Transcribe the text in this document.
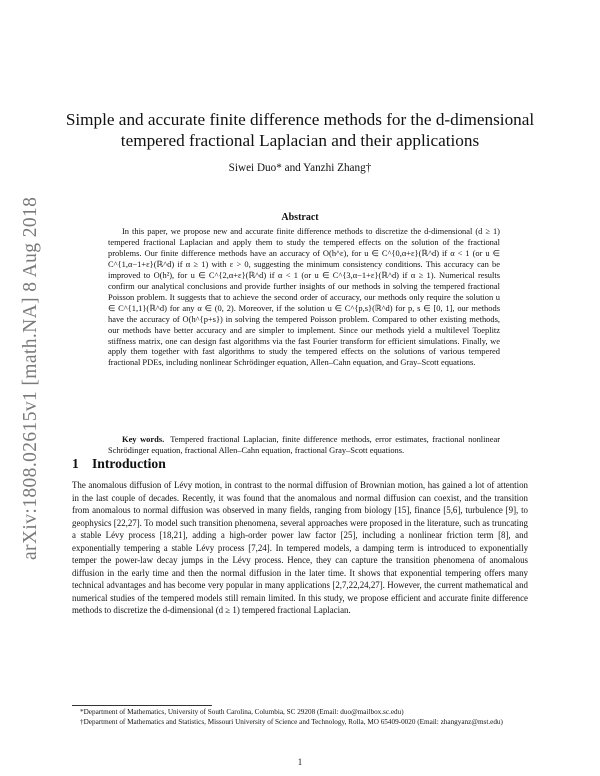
arXiv:1808.02615v1 [math.NA] 8 Aug 2018
Simple and accurate finite difference methods for the d-dimensional tempered fractional Laplacian and their applications
Siwei Duo* and Yanzhi Zhang†
Abstract

In this paper, we propose new and accurate finite difference methods to discretize the d-dimensional (d ≥ 1) tempered fractional Laplacian and apply them to study the tempered effects on the solution of the fractional problems. Our finite difference methods have an accuracy of O(h^ε), for u ∈ C^{0,α+ε}(ℝ^d) if α < 1 (or u ∈ C^{1,α−1+ε}(ℝ^d) if α ≥ 1) with ε > 0, suggesting the minimum consistency conditions. This accuracy can be improved to O(h²), for u ∈ C^{2,α+ε}(ℝ^d) if α < 1 (or u ∈ C^{3,α−1+ε}(ℝ^d) if α ≥ 1). Numerical results confirm our analytical conclusions and provide further insights of our methods in solving the tempered fractional Poisson problem. It suggests that to achieve the second order of accuracy, our methods only require the solution u ∈ C^{1,1}(ℝ^d) for any α ∈ (0, 2). Moreover, if the solution u ∈ C^{p,s}(ℝ^d) for p, s ∈ [0, 1], our methods have the accuracy of O(h^{p+s}) in solving the tempered Poisson problem. Compared to other existing methods, our methods have better accuracy and are simpler to implement. Since our methods yield a multilevel Toeplitz stiffness matrix, one can design fast algorithms via the fast Fourier transform for efficient simulations. Finally, we apply them together with fast algorithms to study the tempered effects on the solutions of various tempered fractional PDEs, including nonlinear Schrödinger equation, Allen–Cahn equation, and Gray–Scott equations.

Key words. Tempered fractional Laplacian, finite difference methods, error estimates, fractional nonlinear Schrödinger equation, fractional Allen–Cahn equation, fractional Gray–Scott equations.
1 Introduction

The anomalous diffusion of Lévy motion, in contrast to the normal diffusion of Brownian motion, has gained a lot of attention in the last couple of decades. Recently, it was found that the anomalous and normal diffusion can coexist, and the transition from anomalous to normal diffusion was observed in many fields, ranging from biology [15], finance [5,6], turbulence [9], to geophysics [22,27]. To model such transition phenomena, several approaches were proposed in the literature, such as truncating a stable Lévy process [18,21], adding a high-order power law factor [25], including a nonlinear friction term [8], and exponentially tempering a stable Lévy process [7,24]. In tempered models, a damping term is introduced to exponentially temper the power-law decay jumps in the Lévy process. Hence, they can capture the transition phenomena of anomalous diffusion in the early time and then the normal diffusion in the later time. It shows that exponential tempering offers many technical advantages and has become very popular in many applications [2,7,22,24,27]. However, the current mathematical and numerical studies of the tempered models still remain limited. In this study, we propose efficient and accurate finite difference methods to discretize the d-dimensional (d ≥ 1) tempered fractional Laplacian.

*Department of Mathematics, University of South Carolina, Columbia, SC 29208 (Email: duo@mailbox.sc.edu)

†Department of Mathematics and Statistics, Missouri University of Science and Technology, Rolla, MO 65409-0020 (Email: zhangyanz@mst.edu)

1
